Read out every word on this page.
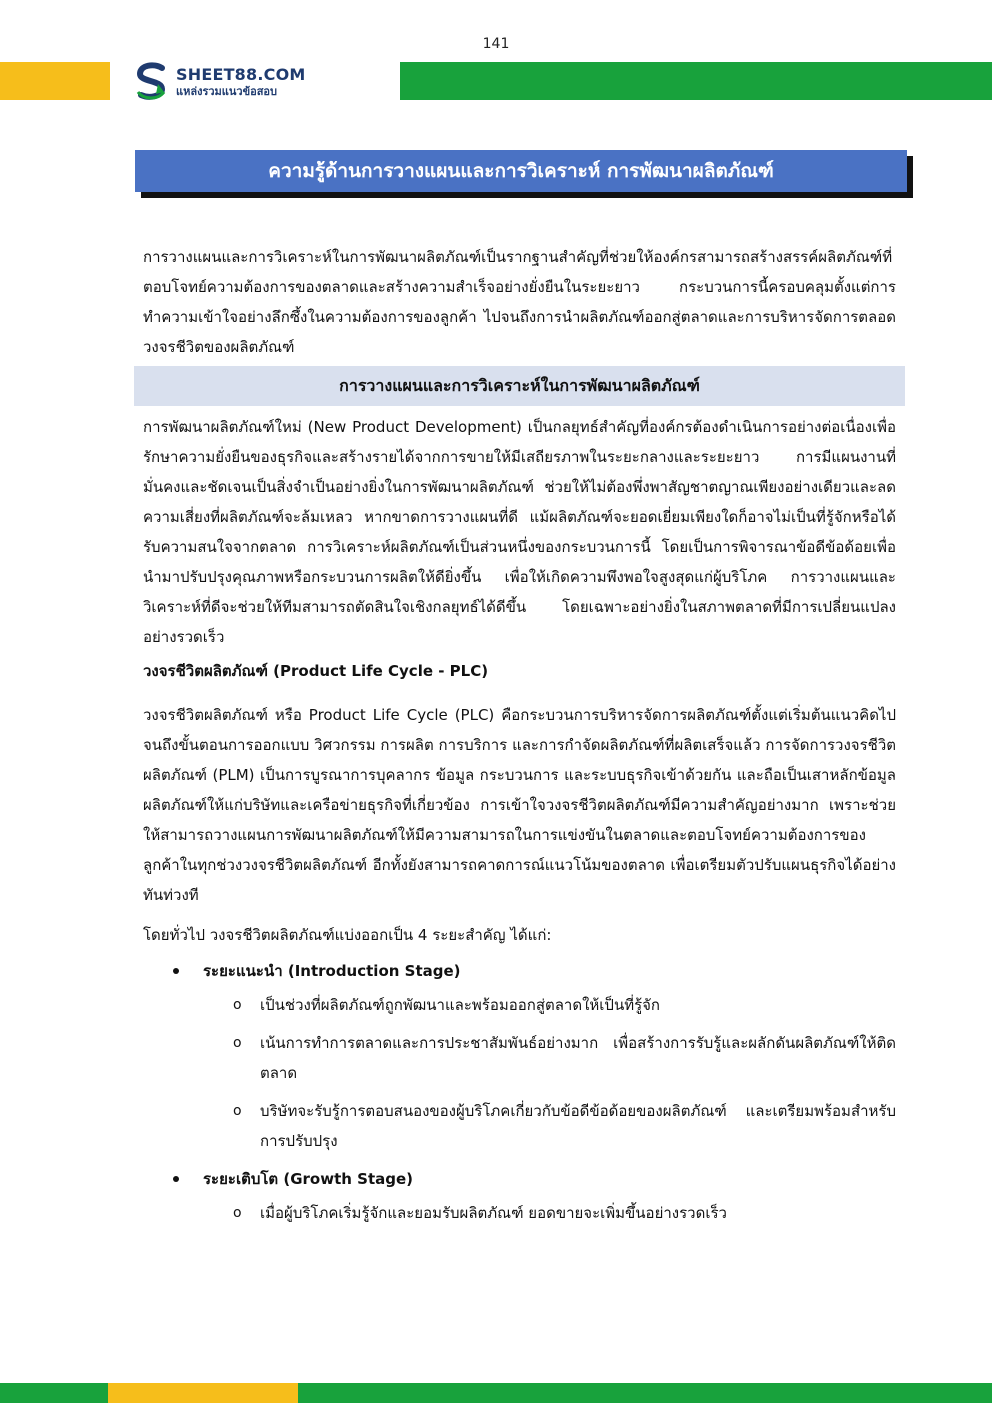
141
SHEET88.COM
แหล่งรวมแนวข้อสอบ
ความรู้ด้านการวางแผนและการวิเคราะห์ การพัฒนาผลิตภัณฑ์

การวางแผนและการวิเคราะห์ในการพัฒนาผลิตภัณฑ์เป็นรากฐานสำคัญที่ช่วยให้องค์กรสามารถสร้างสรรค์ผลิตภัณฑ์ที่ตอบโจทย์ความต้องการของตลาดและสร้างความสำเร็จอย่างยั่งยืนในระยะยาว กระบวนการนี้ครอบคลุมตั้งแต่การทำความเข้าใจอย่างลึกซึ้งในความต้องการของลูกค้า ไปจนถึงการนำผลิตภัณฑ์ออกสู่ตลาดและการบริหารจัดการตลอดวงจรชีวิตของผลิตภัณฑ์

การวางแผนและการวิเคราะห์ในการพัฒนาผลิตภัณฑ์

การพัฒนาผลิตภัณฑ์ใหม่ (New Product Development) เป็นกลยุทธ์สำคัญที่องค์กรต้องดำเนินการอย่างต่อเนื่องเพื่อรักษาความยั่งยืนของธุรกิจและสร้างรายได้จากการขายให้มีเสถียรภาพในระยะกลางและระยะยาว การมีแผนงานที่มั่นคงและชัดเจนเป็นสิ่งจำเป็นอย่างยิ่งในการพัฒนาผลิตภัณฑ์ ช่วยให้ไม่ต้องพึ่งพาสัญชาตญาณเพียงอย่างเดียวและลดความเสี่ยงที่ผลิตภัณฑ์จะล้มเหลว หากขาดการวางแผนที่ดี แม้ผลิตภัณฑ์จะยอดเยี่ยมเพียงใดก็อาจไม่เป็นที่รู้จักหรือได้รับความสนใจจากตลาด การวิเคราะห์ผลิตภัณฑ์เป็นส่วนหนึ่งของกระบวนการนี้ โดยเป็นการพิจารณาข้อดีข้อด้อยเพื่อนำมาปรับปรุงคุณภาพหรือกระบวนการผลิตให้ดียิ่งขึ้น เพื่อให้เกิดความพึงพอใจสูงสุดแก่ผู้บริโภค การวางแผนและวิเคราะห์ที่ดีจะช่วยให้ทีมสามารถตัดสินใจเชิงกลยุทธ์ได้ดีขึ้น โดยเฉพาะอย่างยิ่งในสภาพตลาดที่มีการเปลี่ยนแปลงอย่างรวดเร็ว

วงจรชีวิตผลิตภัณฑ์ (Product Life Cycle - PLC)

วงจรชีวิตผลิตภัณฑ์ หรือ Product Life Cycle (PLC) คือกระบวนการบริหารจัดการผลิตภัณฑ์ตั้งแต่เริ่มต้นแนวคิดไปจนถึงขั้นตอนการออกแบบ วิศวกรรม การผลิต การบริการ และการกำจัดผลิตภัณฑ์ที่ผลิตเสร็จแล้ว การจัดการวงจรชีวิตผลิตภัณฑ์ (PLM) เป็นการบูรณาการบุคลากร ข้อมูล กระบวนการ และระบบธุรกิจเข้าด้วยกัน และถือเป็นเสาหลักข้อมูลผลิตภัณฑ์ให้แก่บริษัทและเครือข่ายธุรกิจที่เกี่ยวข้อง การเข้าใจวงจรชีวิตผลิตภัณฑ์มีความสำคัญอย่างมาก เพราะช่วยให้สามารถวางแผนการพัฒนาผลิตภัณฑ์ให้มีความสามารถในการแข่งขันในตลาดและตอบโจทย์ความต้องการของลูกค้าในทุกช่วงวงจรชีวิตผลิตภัณฑ์ อีกทั้งยังสามารถคาดการณ์แนวโน้มของตลาด เพื่อเตรียมตัวปรับแผนธุรกิจได้อย่างทันท่วงที

โดยทั่วไป วงจรชีวิตผลิตภัณฑ์แบ่งออกเป็น 4 ระยะสำคัญ ได้แก่:

ระยะแนะนำ (Introduction Stage)
o เป็นช่วงที่ผลิตภัณฑ์ถูกพัฒนาและพร้อมออกสู่ตลาดให้เป็นที่รู้จัก
o เน้นการทำการตลาดและการประชาสัมพันธ์อย่างมาก เพื่อสร้างการรับรู้และผลักดันผลิตภัณฑ์ให้ติดตลาด
o บริษัทจะรับรู้การตอบสนองของผู้บริโภคเกี่ยวกับข้อดีข้อด้อยของผลิตภัณฑ์ และเตรียมพร้อมสำหรับการปรับปรุง
ระยะเติบโต (Growth Stage)
o เมื่อผู้บริโภคเริ่มรู้จักและยอมรับผลิตภัณฑ์ ยอดขายจะเพิ่มขึ้นอย่างรวดเร็ว
